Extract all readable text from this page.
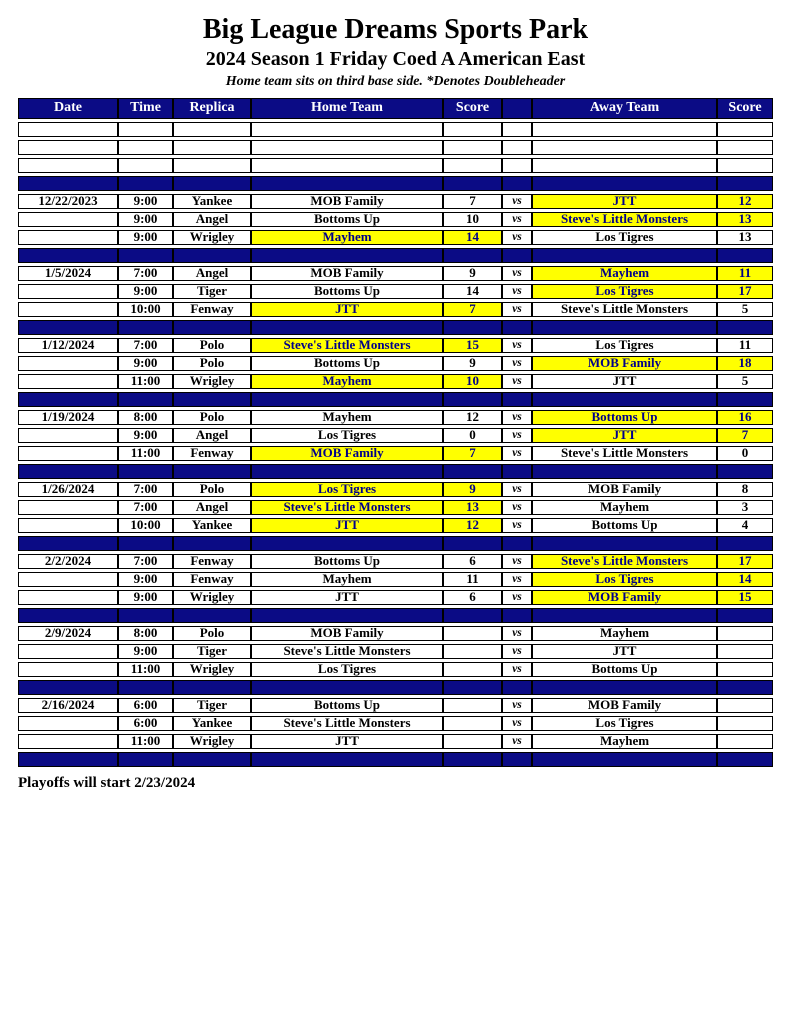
Big League Dreams Sports Park
2024 Season 1 Friday Coed A American East
Home team sits on third base side. *Denotes Doubleheader
Date	Time	Replica	Home Team	Score		Away Team	Score

12/22/2023	9:00	Yankee	MOB Family	7	vs	JTT	12
	9:00	Angel	Bottoms Up	10	vs	Steve's Little Monsters	13
	9:00	Wrigley	Mayhem	14	vs	Los Tigres	13

1/5/2024	7:00	Angel	MOB Family	9	vs	Mayhem	11
	9:00	Tiger	Bottoms Up	14	vs	Los Tigres	17
	10:00	Fenway	JTT	7	vs	Steve's Little Monsters	5

1/12/2024	7:00	Polo	Steve's Little Monsters	15	vs	Los Tigres	11
	9:00	Polo	Bottoms Up	9	vs	MOB Family	18
	11:00	Wrigley	Mayhem	10	vs	JTT	5

1/19/2024	8:00	Polo	Mayhem	12	vs	Bottoms Up	16
	9:00	Angel	Los Tigres	0	vs	JTT	7
	11:00	Fenway	MOB Family	7	vs	Steve's Little Monsters	0

1/26/2024	7:00	Polo	Los Tigres	9	vs	MOB Family	8
	7:00	Angel	Steve's Little Monsters	13	vs	Mayhem	3
	10:00	Yankee	JTT	12	vs	Bottoms Up	4

2/2/2024	7:00	Fenway	Bottoms Up	6	vs	Steve's Little Monsters	17
	9:00	Fenway	Mayhem	11	vs	Los Tigres	14
	9:00	Wrigley	JTT	6	vs	MOB Family	15

2/9/2024	8:00	Polo	MOB Family		vs	Mayhem	
	9:00	Tiger	Steve's Little Monsters		vs	JTT	
	11:00	Wrigley	Los Tigres		vs	Bottoms Up	

2/16/2024	6:00	Tiger	Bottoms Up		vs	MOB Family	
	6:00	Yankee	Steve's Little Monsters		vs	Los Tigres	
	11:00	Wrigley	JTT		vs	Mayhem	

Playoffs will start 2/23/2024
